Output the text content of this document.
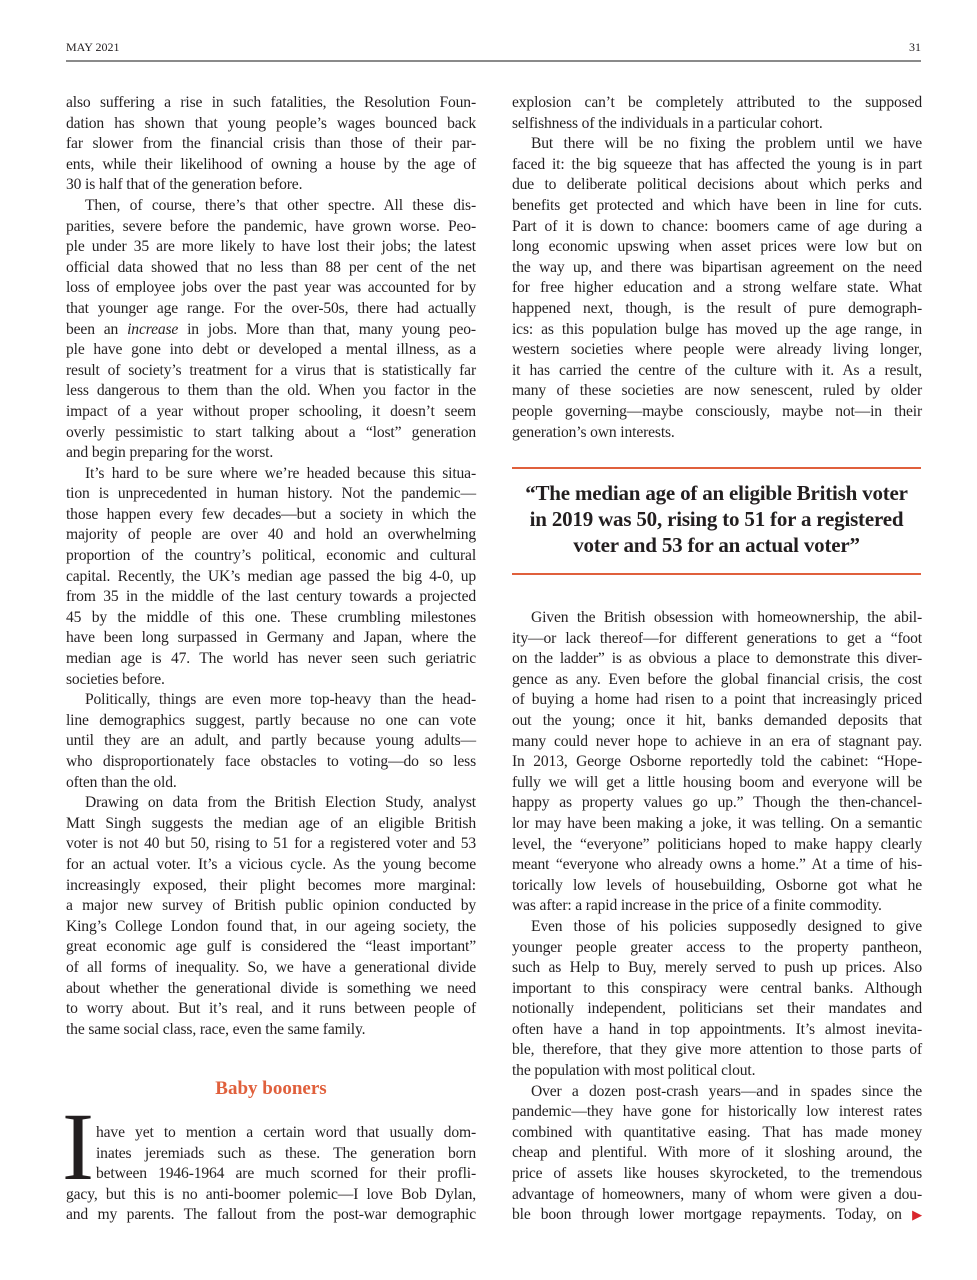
MAY 2021	31
also suffering a rise in such fatalities, the Resolution Foun-
dation has shown that young people’s wages bounced back
far slower from the financial crisis than those of their par-
ents, while their likelihood of owning a house by the age of
30 is half that of the generation before.
Then, of course, there’s that other spectre. All these dis-
parities, severe before the pandemic, have grown worse. Peo-
ple under 35 are more likely to have lost their jobs; the latest
official data showed that no less than 88 per cent of the net
loss of employee jobs over the past year was accounted for by
that younger age range. For the over-50s, there had actually
been an increase in jobs. More than that, many young peo-
ple have gone into debt or developed a mental illness, as a
result of society’s treatment for a virus that is statistically far
less dangerous to them than the old. When you factor in the
impact of a year without proper schooling, it doesn’t seem
overly pessimistic to start talking about a “lost” generation
and begin preparing for the worst.
It’s hard to be sure where we’re headed because this situa-
tion is unprecedented in human history. Not the pandemic—
those happen every few decades—but a society in which the
majority of people are over 40 and hold an overwhelming
proportion of the country’s political, economic and cultural
capital. Recently, the UK’s median age passed the big 4-0, up
from 35 in the middle of the last century towards a projected
45 by the middle of this one. These crumbling milestones
have been long surpassed in Germany and Japan, where the
median age is 47. The world has never seen such geriatric
societies before.
Politically, things are even more top-heavy than the head-
line demographics suggest, partly because no one can vote
until they are an adult, and partly because young adults—
who disproportionately face obstacles to voting—do so less
often than the old.
Drawing on data from the British Election Study, analyst
Matt Singh suggests the median age of an eligible British
voter is not 40 but 50, rising to 51 for a registered voter and 53
for an actual voter. It’s a vicious cycle. As the young become
increasingly exposed, their plight becomes more marginal:
a major new survey of British public opinion conducted by
King’s College London found that, in our ageing society, the
great economic age gulf is considered the “least important”
of all forms of inequality. So, we have a generational divide
about whether the generational divide is something we need
to worry about. But it’s real, and it runs between people of
the same social class, race, even the same family.
Baby booners
I have yet to mention a certain word that usually dom-
inates jeremiads such as these. The generation born
between 1946-1964 are much scorned for their profli-
gacy, but this is no anti-boomer polemic—I love Bob Dylan,
and my parents. The fallout from the post-war demographic
explosion can’t be completely attributed to the supposed
selfishness of the individuals in a particular cohort.
But there will be no fixing the problem until we have
faced it: the big squeeze that has affected the young is in part
due to deliberate political decisions about which perks and
benefits get protected and which have been in line for cuts.
Part of it is down to chance: boomers came of age during a
long economic upswing when asset prices were low but on
the way up, and there was bipartisan agreement on the need
for free higher education and a strong welfare state. What
happened next, though, is the result of pure demograph-
ics: as this population bulge has moved up the age range, in
western societies where people were already living longer,
it has carried the centre of the culture with it. As a result,
many of these societies are now senescent, ruled by older
people governing—maybe consciously, maybe not—in their
generation’s own interests.
“The median age of an eligible British voter
in 2019 was 50, rising to 51 for a registered
voter and 53 for an actual voter”
Given the British obsession with homeownership, the abil-
ity—or lack thereof—for different generations to get a “foot
on the ladder” is as obvious a place to demonstrate this diver-
gence as any. Even before the global financial crisis, the cost
of buying a home had risen to a point that increasingly priced
out the young; once it hit, banks demanded deposits that
many could never hope to achieve in an era of stagnant pay.
In 2013, George Osborne reportedly told the cabinet: “Hope-
fully we will get a little housing boom and everyone will be
happy as property values go up.” Though the then-chancel-
lor may have been making a joke, it was telling. On a semantic
level, the “everyone” politicians hoped to make happy clearly
meant “everyone who already owns a home.” At a time of his-
torically low levels of housebuilding, Osborne got what he
was after: a rapid increase in the price of a finite commodity.
Even those of his policies supposedly designed to give
younger people greater access to the property pantheon,
such as Help to Buy, merely served to push up prices. Also
important to this conspiracy were central banks. Although
notionally independent, politicians set their mandates and
often have a hand in top appointments. It’s almost inevita-
ble, therefore, that they give more attention to those parts of
the population with most political clout.
Over a dozen post-crash years—and in spades since the
pandemic—they have gone for historically low interest rates
combined with quantitative easing. That has made money
cheap and plentiful. With more of it sloshing around, the
price of assets like houses skyrocketed, to the tremendous
advantage of homeowners, many of whom were given a dou-
ble boon through lower mortgage repayments. Today, on ▶
